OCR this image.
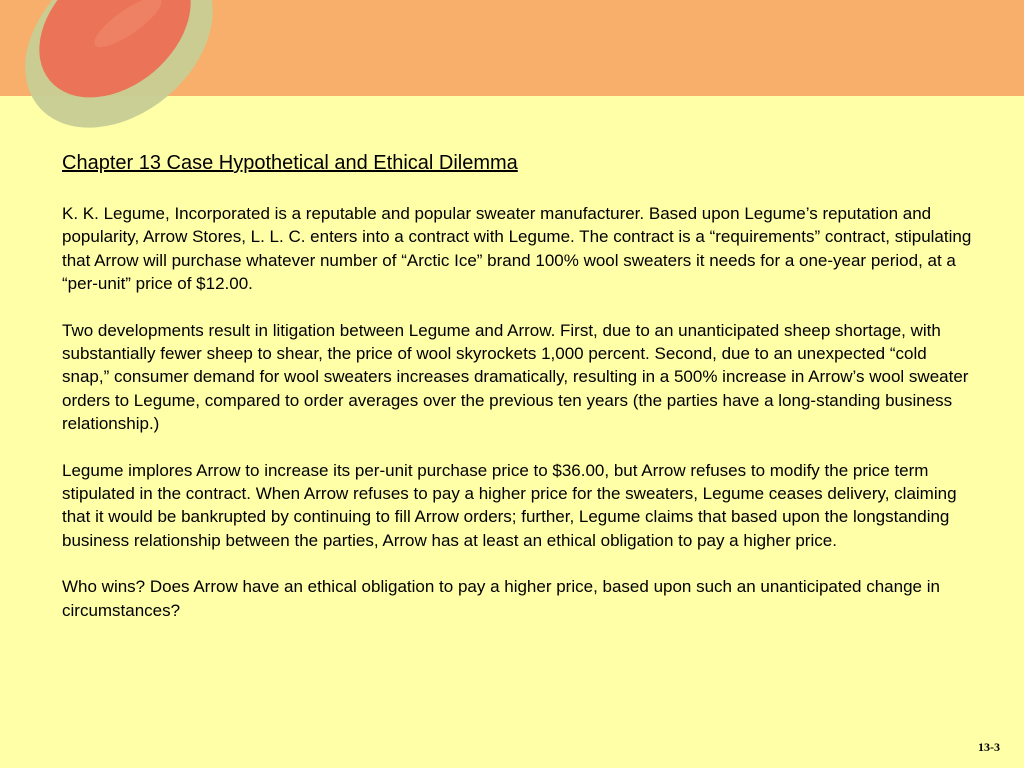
Chapter 13 Case Hypothetical and Ethical Dilemma

K. K. Legume, Incorporated is a reputable and popular sweater manufacturer. Based upon Legume’s reputation and popularity, Arrow Stores, L. L. C. enters into a contract with Legume. The contract is a “requirements” contract, stipulating that Arrow will purchase whatever number of “Arctic Ice” brand 100% wool sweaters it needs for a one-year period, at a “per-unit” price of $12.00.

Two developments result in litigation between Legume and Arrow. First, due to an unanticipated sheep shortage, with substantially fewer sheep to shear, the price of wool skyrockets 1,000 percent. Second, due to an unexpected “cold snap,” consumer demand for wool sweaters increases dramatically, resulting in a 500% increase in Arrow’s wool sweater orders to Legume, compared to order averages over the previous ten years (the parties have a long-standing business relationship.)

Legume implores Arrow to increase its per-unit purchase price to $36.00, but Arrow refuses to modify the price term stipulated in the contract. When Arrow refuses to pay a higher price for the sweaters, Legume ceases delivery, claiming that it would be bankrupted by continuing to fill Arrow orders; further, Legume claims that based upon the longstanding business relationship between the parties, Arrow has at least an ethical obligation to pay a higher price.

Who wins? Does Arrow have an ethical obligation to pay a higher price, based upon such an unanticipated change in circumstances?

13-3
